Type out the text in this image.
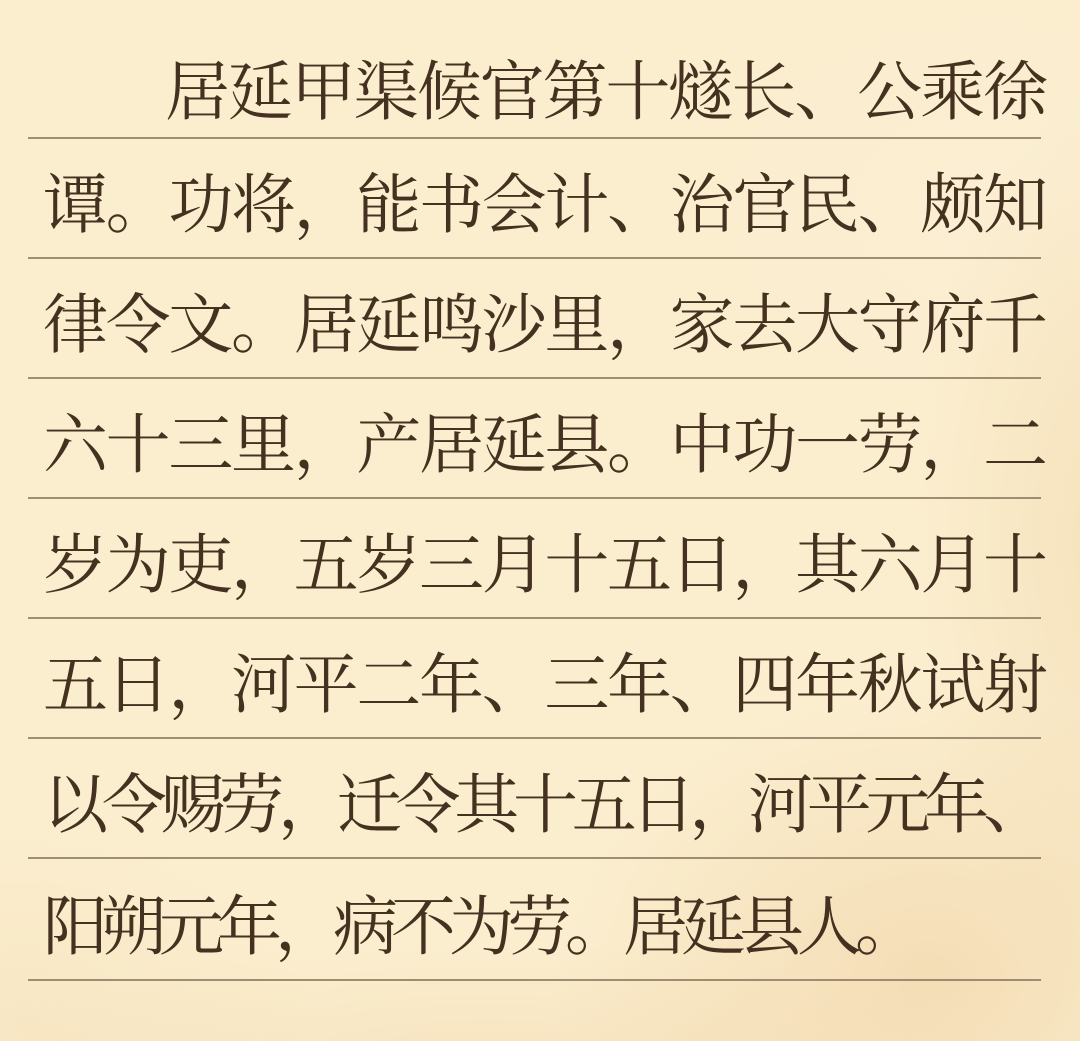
居延甲渠候官第十燧长、公乘徐
谭。功将，能书会计、治官民、颇知
律令文。居延鸣沙里，家去大守府千
六十三里，产居延县。中功一劳，二
岁为吏，五岁三月十五日，其六月十
五日，河平二年、三年、四年秋试射
以令赐劳，迁令其十五日，河平元年、
阳朔元年，病不为劳。居延县人。
